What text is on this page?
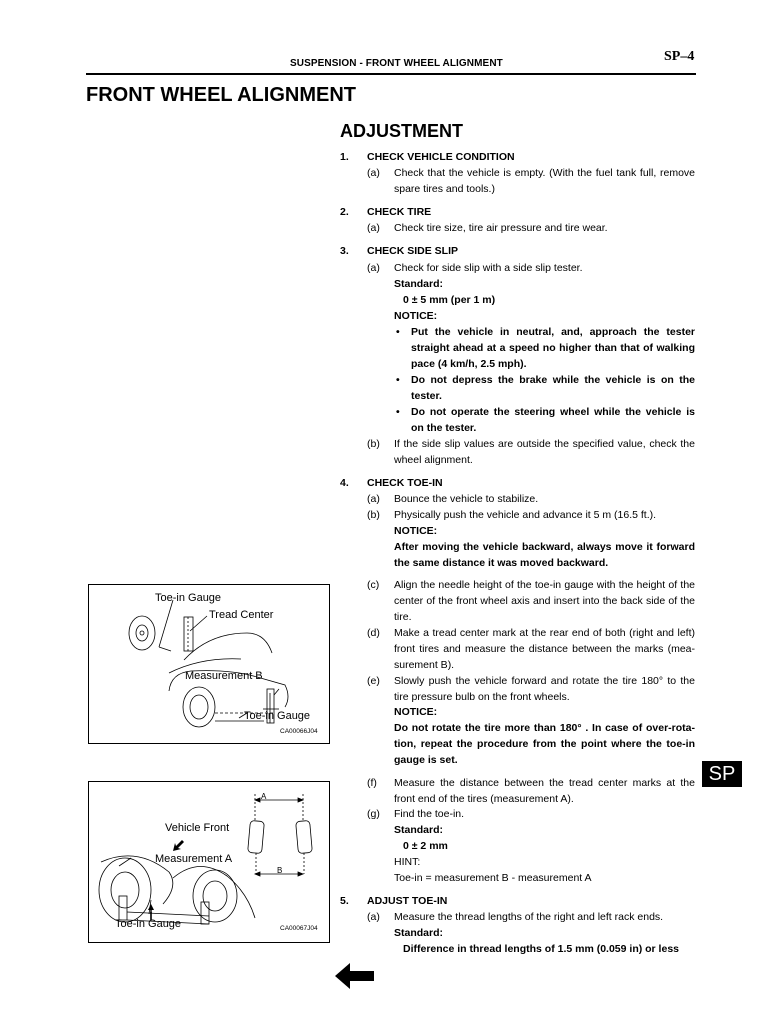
SUSPENSION - FRONT WHEEL ALIGNMENT	SP–4
FRONT WHEEL ALIGNMENT
ADJUSTMENT
1. CHECK VEHICLE CONDITION
(a) Check that the vehicle is empty. (With the fuel tank full, remove
spare tires and tools.)
2. CHECK TIRE
(a) Check tire size, tire air pressure and tire wear.
3. CHECK SIDE SLIP
(a) Check for side slip with a side slip tester.
Standard:
0 ± 5 mm (per 1 m)
NOTICE:
• Put the vehicle in neutral, and, approach the tester
straight ahead at a speed no higher than that of walking
pace (4 km/h, 2.5 mph).
• Do not depress the brake while the vehicle is on the
tester.
• Do not operate the steering wheel while the vehicle is
on the tester.
(b) If the side slip values are outside the specified value, check the
wheel alignment.
4. CHECK TOE-IN
(a) Bounce the vehicle to stabilize.
(b) Physically push the vehicle and advance it 5 m (16.5 ft.).
NOTICE:
After moving the vehicle backward, always move it forward
the same distance it was moved backward.
(c) Align the needle height of the toe-in gauge with the height of the
center of the front wheel axis and insert into the back side of the
tire.
(d) Make a tread center mark at the rear end of both (right and left)
front tires and measure the distance between the marks (mea-
surement B).
(e) Slowly push the vehicle forward and rotate the tire 180° to the
tire pressure bulb on the front wheels.
NOTICE:
Do not rotate the tire more than 180° . In case of over-rota-
tion, repeat the procedure from the point where the toe-in
gauge is set.
(f) Measure the distance between the tread center marks at the
front end of the tires (measurement A).
(g) Find the toe-in.
Standard:
0 ± 2 mm
HINT:
Toe-in = measurement B - measurement A
5. ADJUST TOE-IN
(a) Measure the thread lengths of the right and left rack ends.
Standard:
Difference in thread lengths of 1.5 mm (0.059 in) or less
SP
Toe-in Gauge
Tread Center
Measurement B
Toe-in Gauge
CA00066J04
A
B
Vehicle Front
Measurement A
Toe-in Gauge	CA00067J04
